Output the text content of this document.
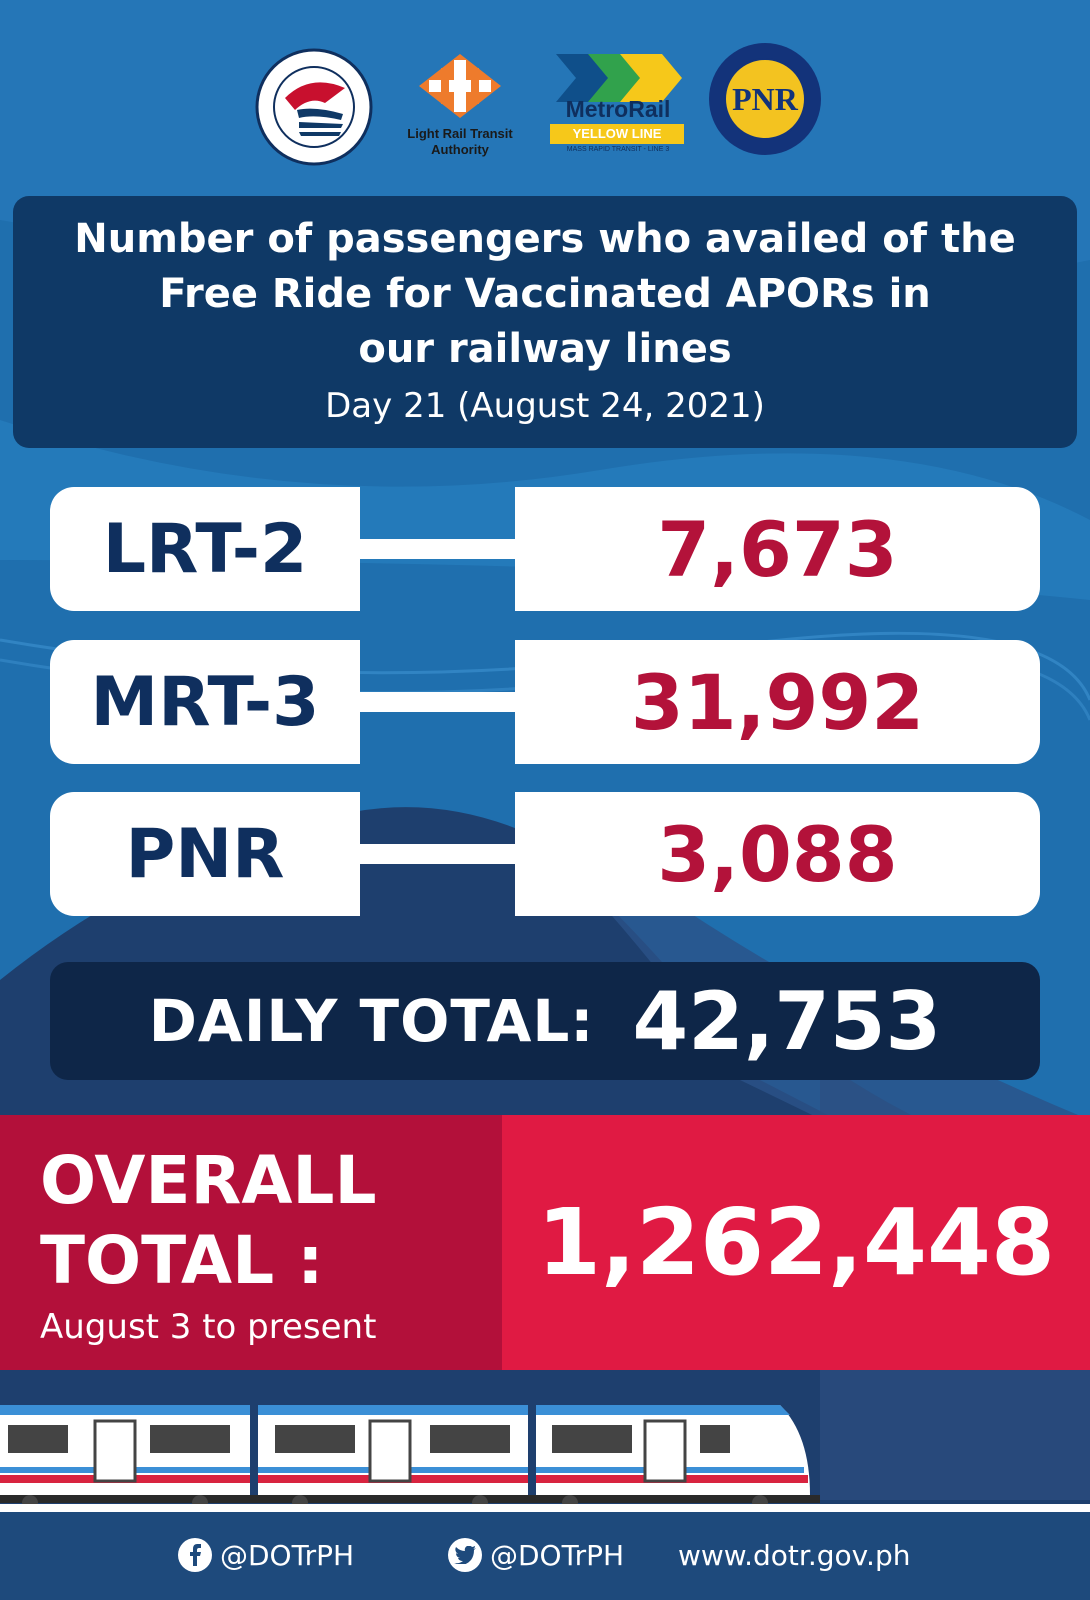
Light Rail Transit
Authority
MetroRail
YELLOW LINE
MASS RAPID TRANSIT - LINE 3
PNR
Number of passengers who availed of the
Free Ride for Vaccinated APORs in
our railway lines
Day 21 (August 24, 2021)
LRT-2	7,673
MRT-3	31,992
PNR	3,088
DAILY TOTAL: 42,753
OVERALL
TOTAL :
August 3 to present
1,262,448
@DOTrPH	@DOTrPH www.dotr.gov.ph
